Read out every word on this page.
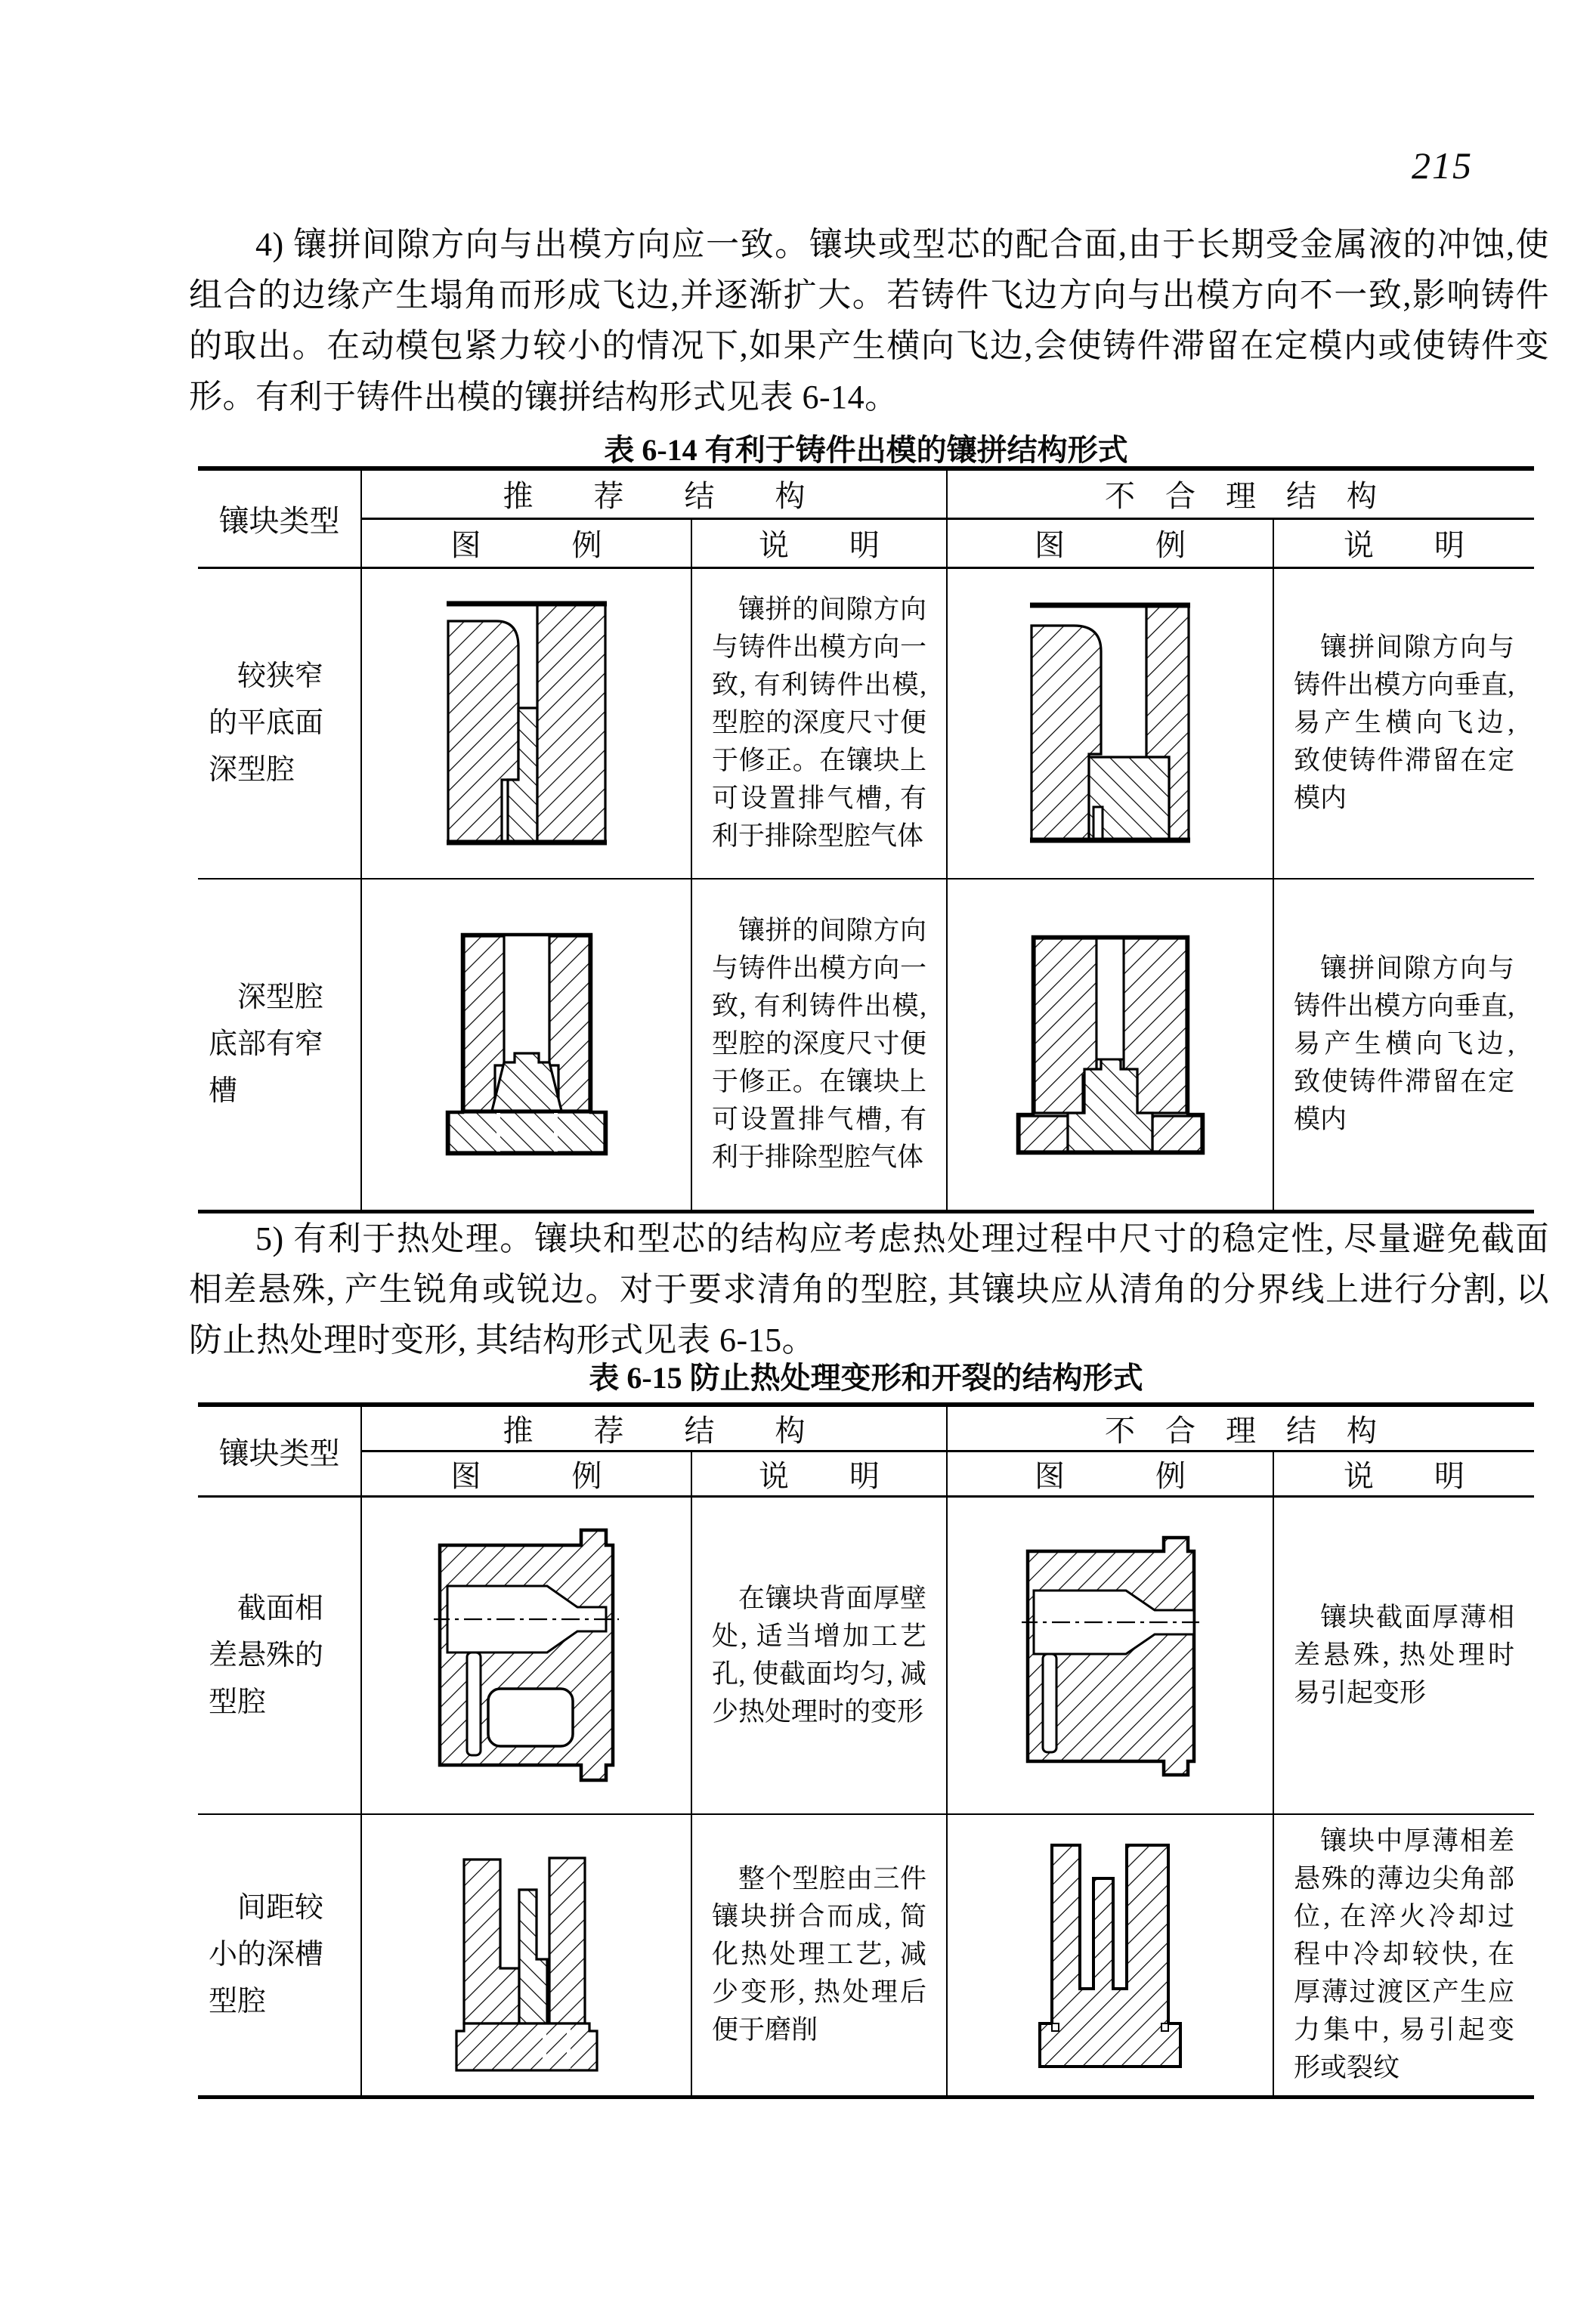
215
4) 镶拼间隙方向与出模方向应一致。镶块或型芯的配合面,由于长期受金属液的冲蚀,使组合的边缘产生塌角而形成飞边,并逐渐扩大。若铸件飞边方向与出模方向不一致,影响铸件的取出。在动模包紧力较小的情况下,如果产生横向飞边,会使铸件滞留在定模内或使铸件变形。 有利于铸件出模的镶拼结构形式见表 6-14。
表 6-14 有利于铸件出模的镶拼结构形式
镶块类型	推　　荐　　结　　构		不　合　理　结　构	
	图　　　例	说　　明	图　　　例	说　　明

较狭窄的平底面深型腔		镶拼的间隙方向与铸件出模方向一致, 有利铸件出模, 型腔的深度尺寸便于修正。在镶块上可设置排气槽, 有利于排除型腔气体		镶拼间隙方向与铸件出模方向垂直, 易产生横向飞边, 致使铸件滞留在定模内

深型腔底部有窄槽		镶拼的间隙方向与铸件出模方向一致, 有利铸件出模, 型腔的深度尺寸便于修正。在镶块上可设置排气槽, 有利于排除型腔气体		镶拼间隙方向与铸件出模方向垂直, 易产生横向飞边, 致使铸件滞留在定模内
5) 有利于热处理。镶块和型芯的结构应考虑热处理过程中尺寸的稳定性, 尽量避免截面相差悬殊, 产生锐角或锐边。对于要求清角的型腔, 其镶块应从清角的分界线上进行分割, 以防止热处理时变形, 其结构形式见表 6-15。
表 6-15 防止热处理变形和开裂的结构形式
镶块类型	推　　荐　　结　　构		不　合　理　结　构	
	图　　　例	说　　明	图　　　例	说　　明

截面相差悬殊的型腔		在镶块背面厚壁处, 适当增加工艺孔, 使截面均匀, 减少热处理时的变形		镶块截面厚薄相差悬殊, 热处理时易引起变形

间距较小的深槽型腔		整个型腔由三件镶块拼合而成, 简化热处理工艺, 减少变形, 热处理后便于磨削		镶块中厚薄相差悬殊的薄边尖角部位, 在淬火冷却过程中冷却较快, 在厚薄过渡区产生应力集中, 易引起变形或裂纹
